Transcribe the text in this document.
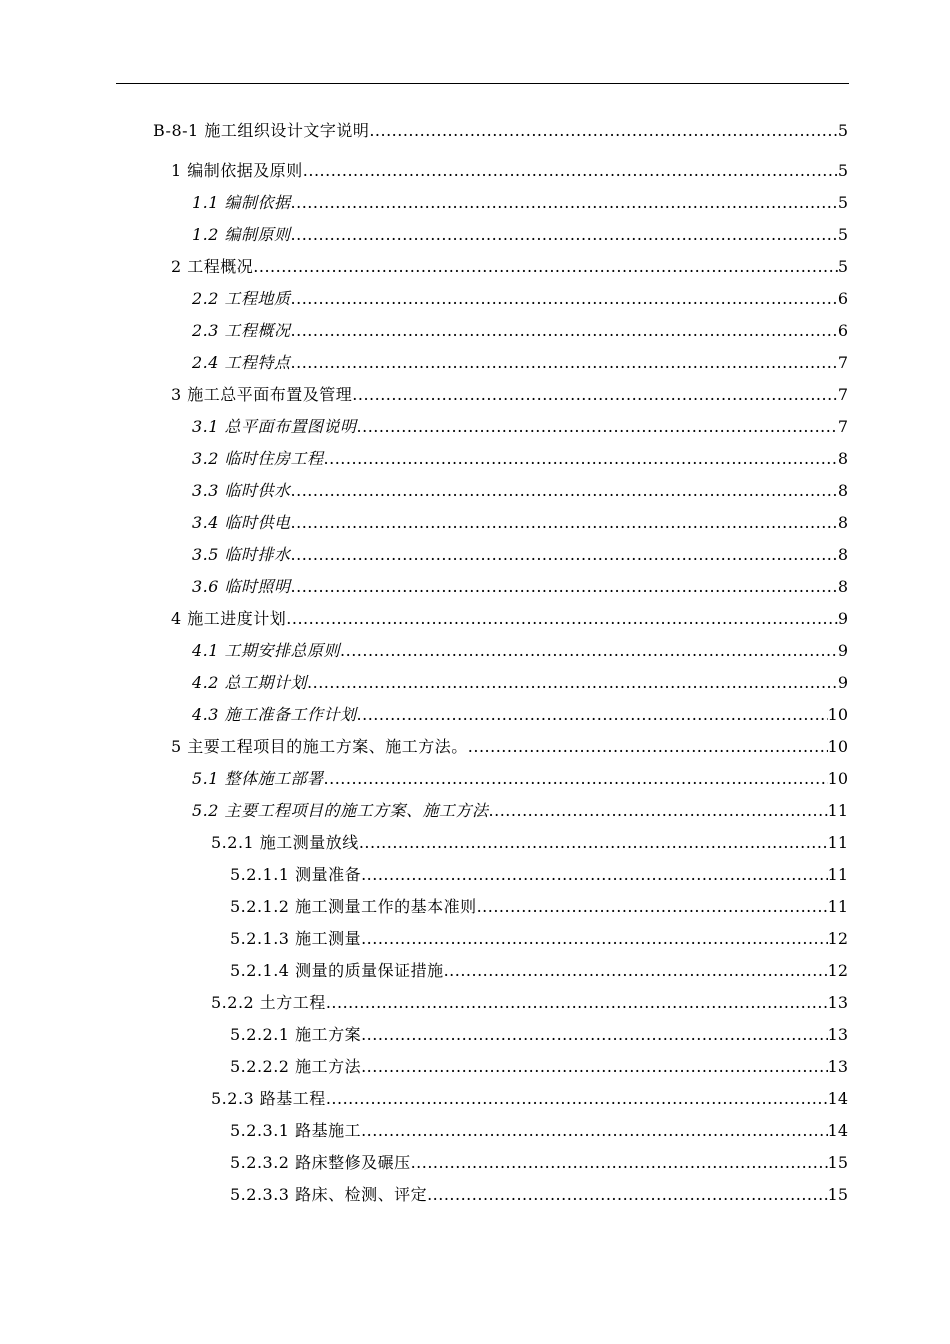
B-8-1 施工组织设计文字说明 .....	5
1 编制依据及原则 .....	5
1.1 编制依据 .....	5
1.2 编制原则 .....	5
2 工程概况 .....	5
2.2 工程地质 .....	6
2.3 工程概况 .....	6
2.4 工程特点 .....	7
3 施工总平面布置及管理 .....	7
3.1 总平面布置图说明 .....	7
3.2 临时住房工程 .....	8
3.3 临时供水 .....	8
3.4 临时供电 .....	8
3.5 临时排水 .....	8
3.6 临时照明 .....	8
4 施工进度计划 .....	9
4.1 工期安排总原则 .....	9
4.2 总工期计划 .....	9
4.3 施工准备工作计划 .....	10
5 主要工程项目的施工方案、施工方法。 .....	10
5.1 整体施工部署 .....	10
5.2 主要工程项目的施工方案、施工方法 .....	11
5.2.1 施工测量放线 .....	11
5.2.1.1 测量准备 .....	11
5.2.1.2 施工测量工作的基本准则 .....	11
5.2.1.3 施工测量 .....	12
5.2.1.4 测量的质量保证措施 .....	12
5.2.2 土方工程 .....	13
5.2.2.1 施工方案 .....	13
5.2.2.2 施工方法 .....	13
5.2.3 路基工程 .....	14
5.2.3.1 路基施工 .....	14
5.2.3.2 路床整修及碾压 .....	15
5.2.3.3 路床、检测、评定 .....	15
